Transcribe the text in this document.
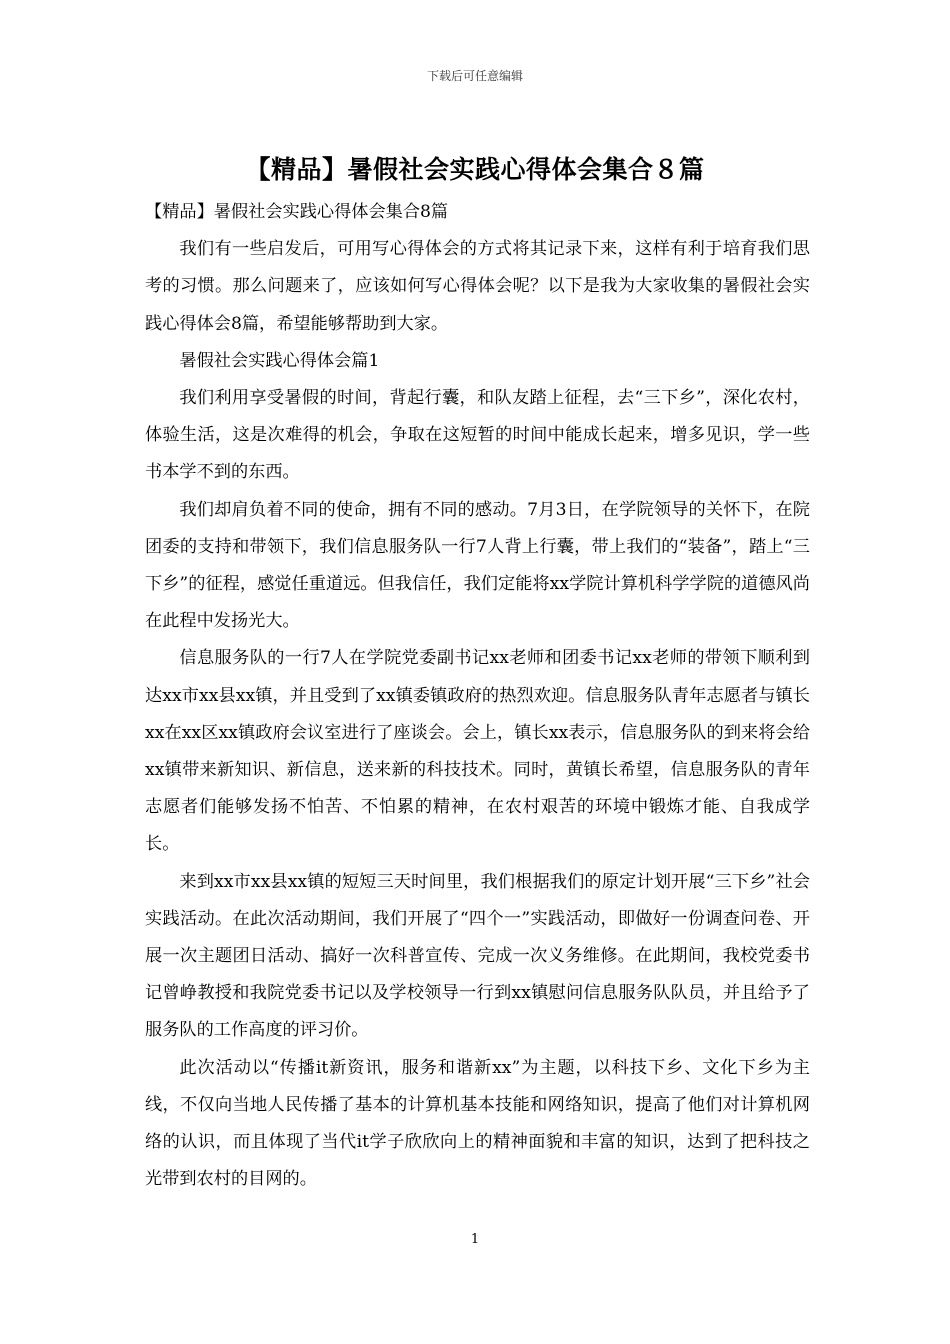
下载后可任意编辑
【精品】暑假社会实践心得体会集合８篇

【精品】暑假社会实践心得体会集合8篇

我们有一些启发后，可用写心得体会的方式将其记录下来，这样有利于培育我们思考的习惯。那么问题来了，应该如何写心得体会呢？以下是我为大家收集的暑假社会实践心得体会8篇，希望能够帮助到大家。

暑假社会实践心得体会篇1

我们利用享受暑假的时间，背起行囊，和队友踏上征程，去“三下乡”，深化农村，体验生活，这是次难得的机会，争取在这短暂的时间中能成长起来，增多见识，学一些书本学不到的东西。

我们却肩负着不同的使命，拥有不同的感动。7月3日，在学院领导的关怀下，在院团委的支持和带领下，我们信息服务队一行7人背上行囊，带上我们的“装备”，踏上“三下乡”的征程，感觉任重道远。但我信任，我们定能将xx学院计算机科学学院的道德风尚在此程中发扬光大。

信息服务队的一行7人在学院党委副书记xx老师和团委书记xx老师的带领下顺利到达xx市xx县xx镇，并且受到了xx镇委镇政府的热烈欢迎。信息服务队青年志愿者与镇长xx在xx区xx镇政府会议室进行了座谈会。会上，镇长xx表示，信息服务队的到来将会给xx镇带来新知识、新信息，送来新的科技技术。同时，黄镇长希望，信息服务队的青年志愿者们能够发扬不怕苦、不怕累的精神，在农村艰苦的环境中锻炼才能、自我成学长。

来到xx市xx县xx镇的短短三天时间里，我们根据我们的原定计划开展“三下乡”社会实践活动。在此次活动期间，我们开展了“四个一”实践活动，即做好一份调查问卷、开展一次主题团日活动、搞好一次科普宣传、完成一次义务维修。在此期间，我校党委书记曾峥教授和我院党委书记以及学校领导一行到xx镇慰问信息服务队队员，并且给予了服务队的工作高度的评习价。

此次活动以“传播it新资讯，服务和谐新xx”为主题，以科技下乡、文化下乡为主线，不仅向当地人民传播了基本的计算机基本技能和网络知识，提高了他们对计算机网络的认识，而且体现了当代it学子欣欣向上的精神面貌和丰富的知识，达到了把科技之光带到农村的目网的。

1
